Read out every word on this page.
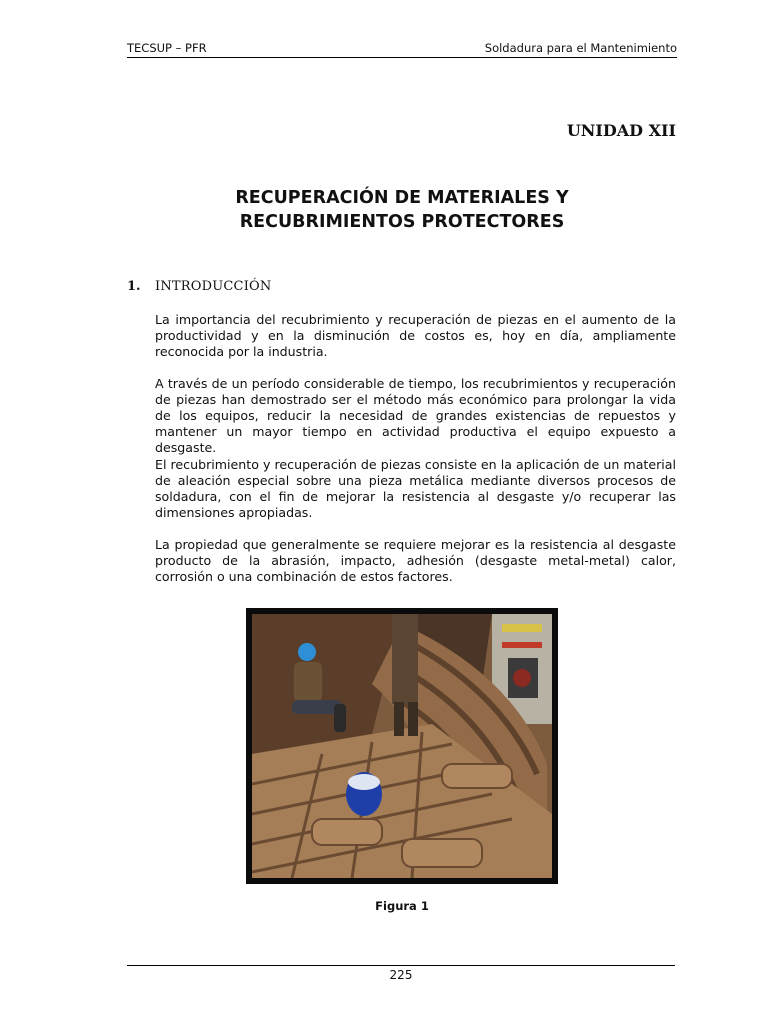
TECSUP – PFR	Soldadura para el Mantenimiento
UNIDAD XII
RECUPERACIÓN DE MATERIALES Y
RECUBRIMIENTOS PROTECTORES
1. INTRODUCCIÓN

La importancia del recubrimiento y recuperación de piezas en el aumento de la productividad y en la disminución de costos es, hoy en día, ampliamente reconocida por la industria.

A través de un período considerable de tiempo, los recubrimientos y recuperación de piezas han demostrado ser el método más económico para prolongar la vida de los equipos, reducir la necesidad de grandes existencias de repuestos y mantener un mayor tiempo en actividad productiva el equipo expuesto a desgaste.

El recubrimiento y recuperación de piezas consiste en la aplicación de un material de aleación especial sobre una pieza metálica mediante diversos procesos de soldadura, con el fin de mejorar la resistencia al desgaste y/o recuperar las dimensiones apropiadas.

La propiedad que generalmente se requiere mejorar es la resistencia al desgaste producto de la abrasión, impacto, adhesión (desgaste metal-metal) calor, corrosión o una combinación de estos factores.

Figura 1
225
